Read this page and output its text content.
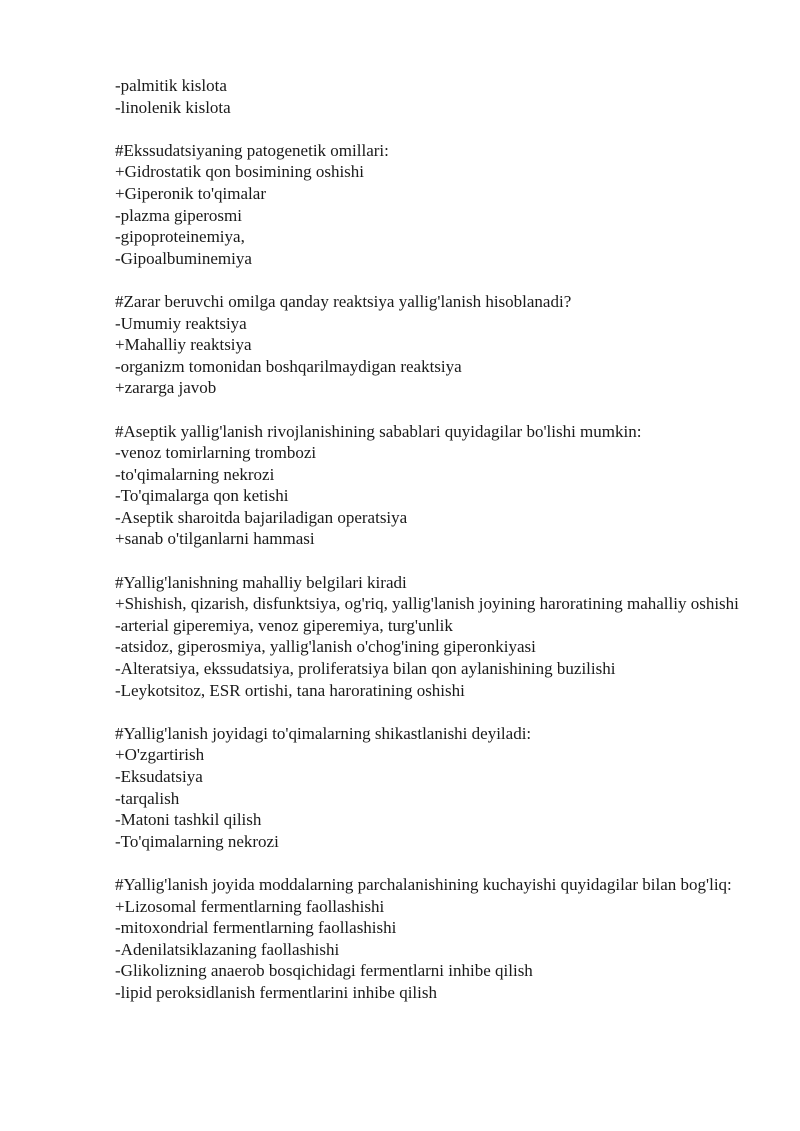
-palmitik kislota

-linolenik kislota

#Ekssudatsiyaning patogenetik omillari:

+Gidrostatik qon bosimining oshishi

+Giperonik to'qimalar

-plazma giperosmi

-gipoproteinemiya,

-Gipoalbuminemiya

#Zarar beruvchi omilga qanday reaktsiya yallig'lanish hisoblanadi?

-Umumiy reaktsiya

+Mahalliy reaktsiya

-organizm tomonidan boshqarilmaydigan reaktsiya

+zararga javob

#Aseptik yallig'lanish rivojlanishining sabablari quyidagilar bo'lishi mumkin:

-venoz tomirlarning trombozi

-to'qimalarning nekrozi

-To'qimalarga qon ketishi

-Aseptik sharoitda bajariladigan operatsiya

+sanab o'tilganlarni hammasi

#Yallig'lanishning mahalliy belgilari kiradi

+Shishish, qizarish, disfunktsiya, og'riq, yallig'lanish joyining haroratining mahalliy oshishi

-arterial giperemiya, venoz giperemiya, turg'unlik

-atsidoz, giperosmiya, yallig'lanish o'chog'ining giperonkiyasi

-Alteratsiya, ekssudatsiya, proliferatsiya bilan qon aylanishining buzilishi

-Leykotsitoz, ESR ortishi, tana haroratining oshishi

#Yallig'lanish joyidagi to'qimalarning shikastlanishi deyiladi:

+O'zgartirish

-Eksudatsiya

-tarqalish

-Matoni tashkil qilish

-To'qimalarning nekrozi

#Yallig'lanish joyida moddalarning parchalanishining kuchayishi quyidagilar bilan bog'liq:

+Lizosomal fermentlarning faollashishi

-mitoxondrial fermentlarning faollashishi

-Adenilatsiklazaning faollashishi

-Glikolizning anaerob bosqichidagi fermentlarni inhibe qilish

-lipid peroksidlanish fermentlarini inhibe qilish
